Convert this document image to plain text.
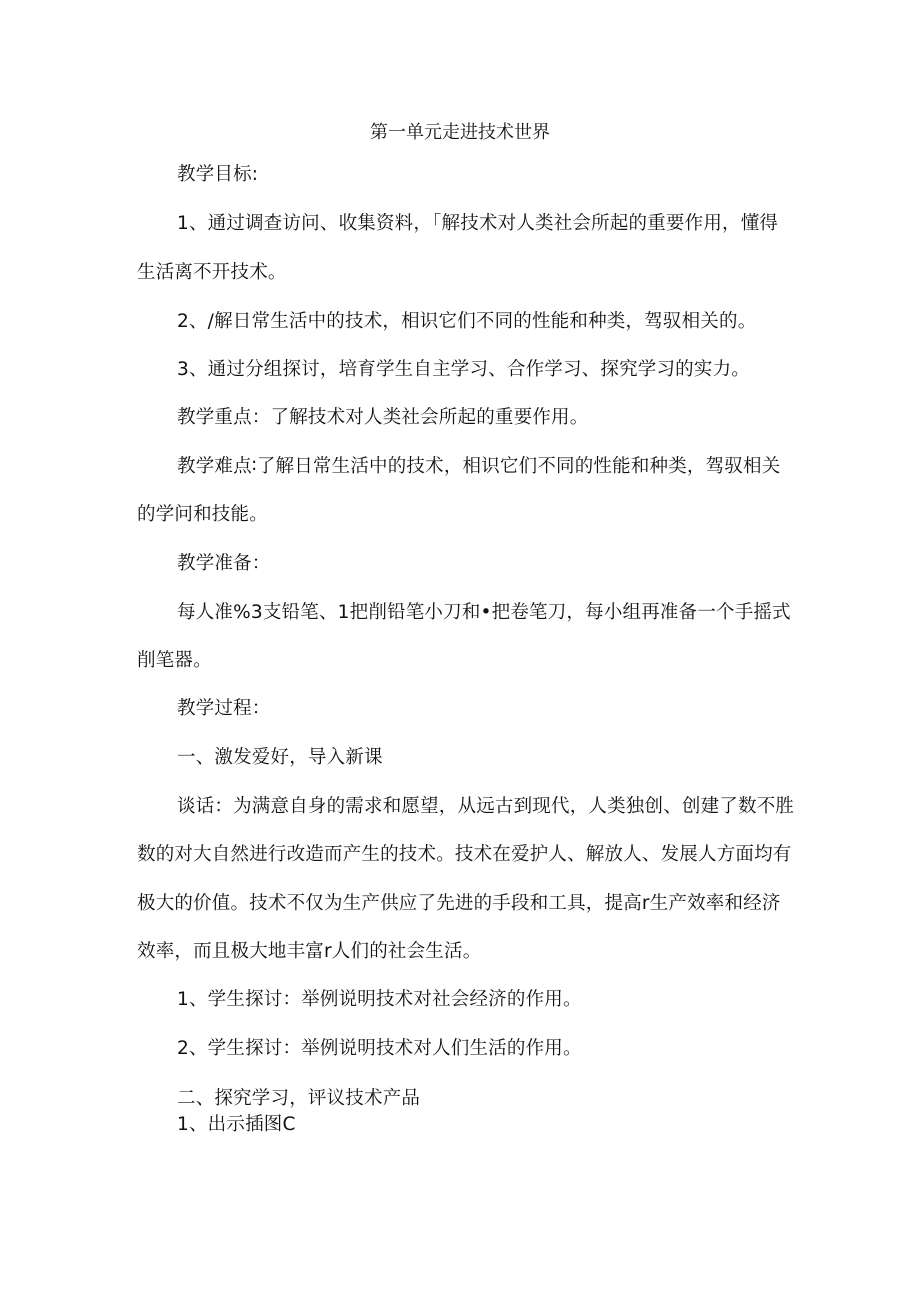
第一单元走进技术世界
教学目标:
1、通过调查访问、收集资料，「解技术对人类社会所起的重要作用，懂得
生活离不开技术。
2、/解日常生活中的技术，相识它们不同的性能和种类，驾驭相关的。
3、通过分组探讨，培育学生自主学习、合作学习、探究学习的实力。
教学重点：了解技术对人类社会所起的重要作用。
教学难点∶了解日常生活中的技术，相识它们不同的性能和种类，驾驭相关
的学问和技能。
教学准备：
每人准%3支铅笔、1把削铅笔小刀和•把卷笔刀，每小组再准备一个手摇式
削笔器。
教学过程：
一、激发爱好，导入新课
谈话：为满意自身的需求和愿望，从远古到现代，人类独创、创建了数不胜
数的对大自然进行改造而产生的技术。技术在爱护人、解放人、发展人方面均有
极大的价值。技术不仅为生产供应了先进的手段和工具，提高r生产效率和经济
效率，而且极大地丰富r人们的社会生活。
1、学生探讨：举例说明技术对社会经济的作用。
2、学生探讨：举例说明技术对人们生活的作用。
二、探究学习，评议技术产品
1、出示插图C
